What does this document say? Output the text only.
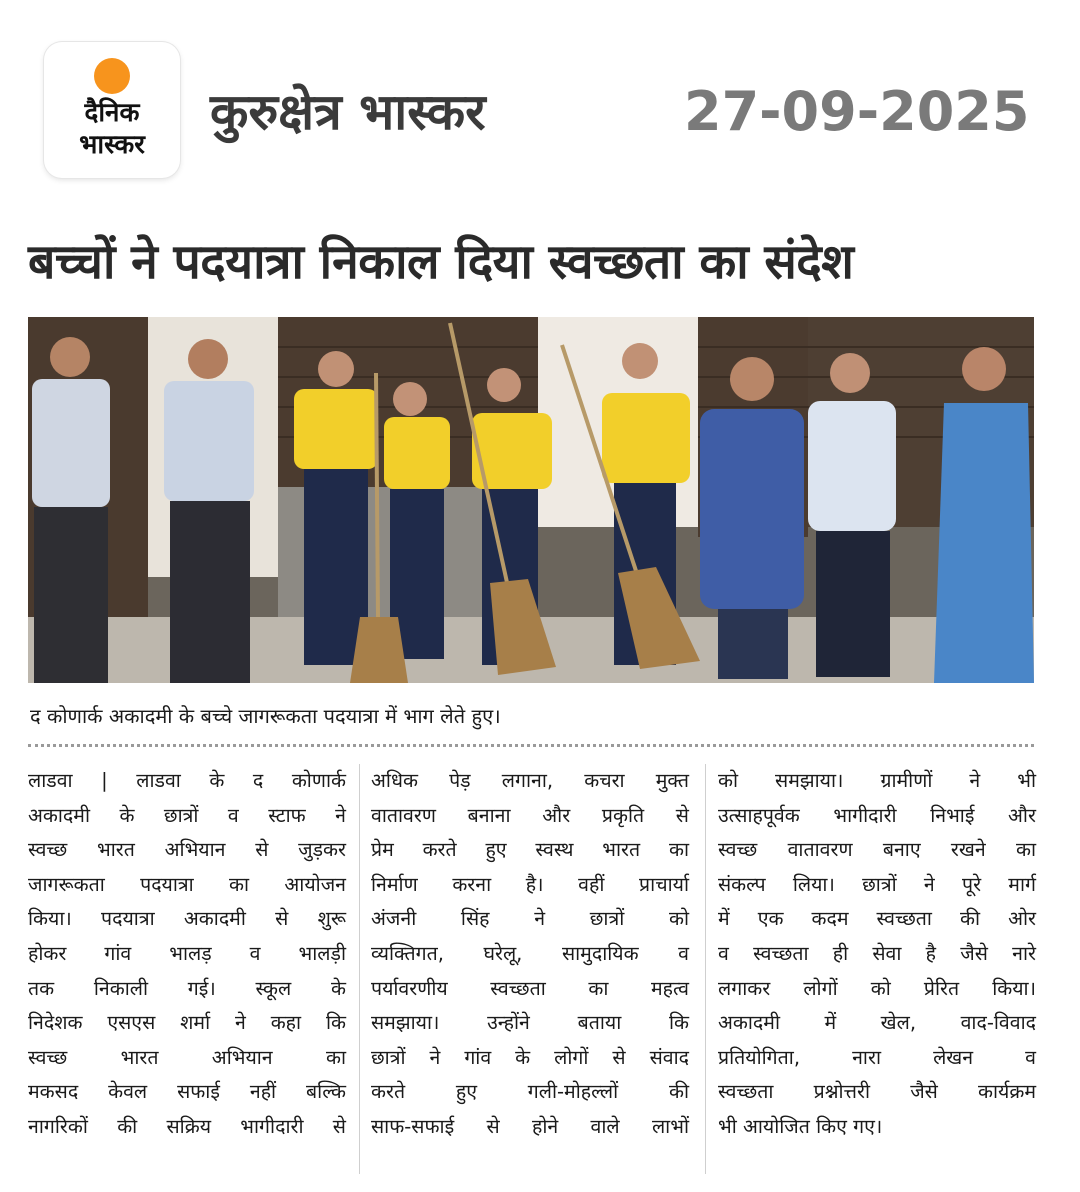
दैनिक
भास्कर
कुरुक्षेत्र भास्कर	27-09-2025
बच्चों ने पदयात्रा निकाल दिया स्वच्छता का संदेश
द कोणार्क अकादमी के बच्चे जागरूकता पदयात्रा में भाग लेते हुए।

लाडवा | लाडवा के द कोणार्क

अकादमी के छात्रों व स्टाफ ने

स्वच्छ भारत अभियान से जुड़कर

जागरूकता पदयात्रा का आयोजन

किया। पदयात्रा अकादमी से शुरू

होकर गांव भालड़ व भालड़ी

तक निकाली गई। स्कूल के

निदेशक एसएस शर्मा ने कहा कि

स्वच्छ भारत अभियान का

मकसद केवल सफाई नहीं बल्कि

नागरिकों की सक्रिय भागीदारी से

अधिक पेड़ लगाना, कचरा मुक्त

वातावरण बनाना और प्रकृति से

प्रेम करते हुए स्वस्थ भारत का

निर्माण करना है। वहीं प्राचार्या

अंजनी सिंह ने छात्रों को

व्यक्तिगत, घरेलू, सामुदायिक व

पर्यावरणीय स्वच्छता का महत्व

समझाया। उन्होंने बताया कि

छात्रों ने गांव के लोगों से संवाद

करते हुए गली-मोहल्लों की

साफ-सफाई से होने वाले लाभों

को समझाया। ग्रामीणों ने भी

उत्साहपूर्वक भागीदारी निभाई और

स्वच्छ वातावरण बनाए रखने का

संकल्प लिया। छात्रों ने पूरे मार्ग

में एक कदम स्वच्छता की ओर

व स्वच्छता ही सेवा है जैसे नारे

लगाकर लोगों को प्रेरित किया।

अकादमी में खेल, वाद-विवाद

प्रतियोगिता, नारा लेखन व

स्वच्छता प्रश्नोत्तरी जैसे कार्यक्रम

भी आयोजित किए गए।
